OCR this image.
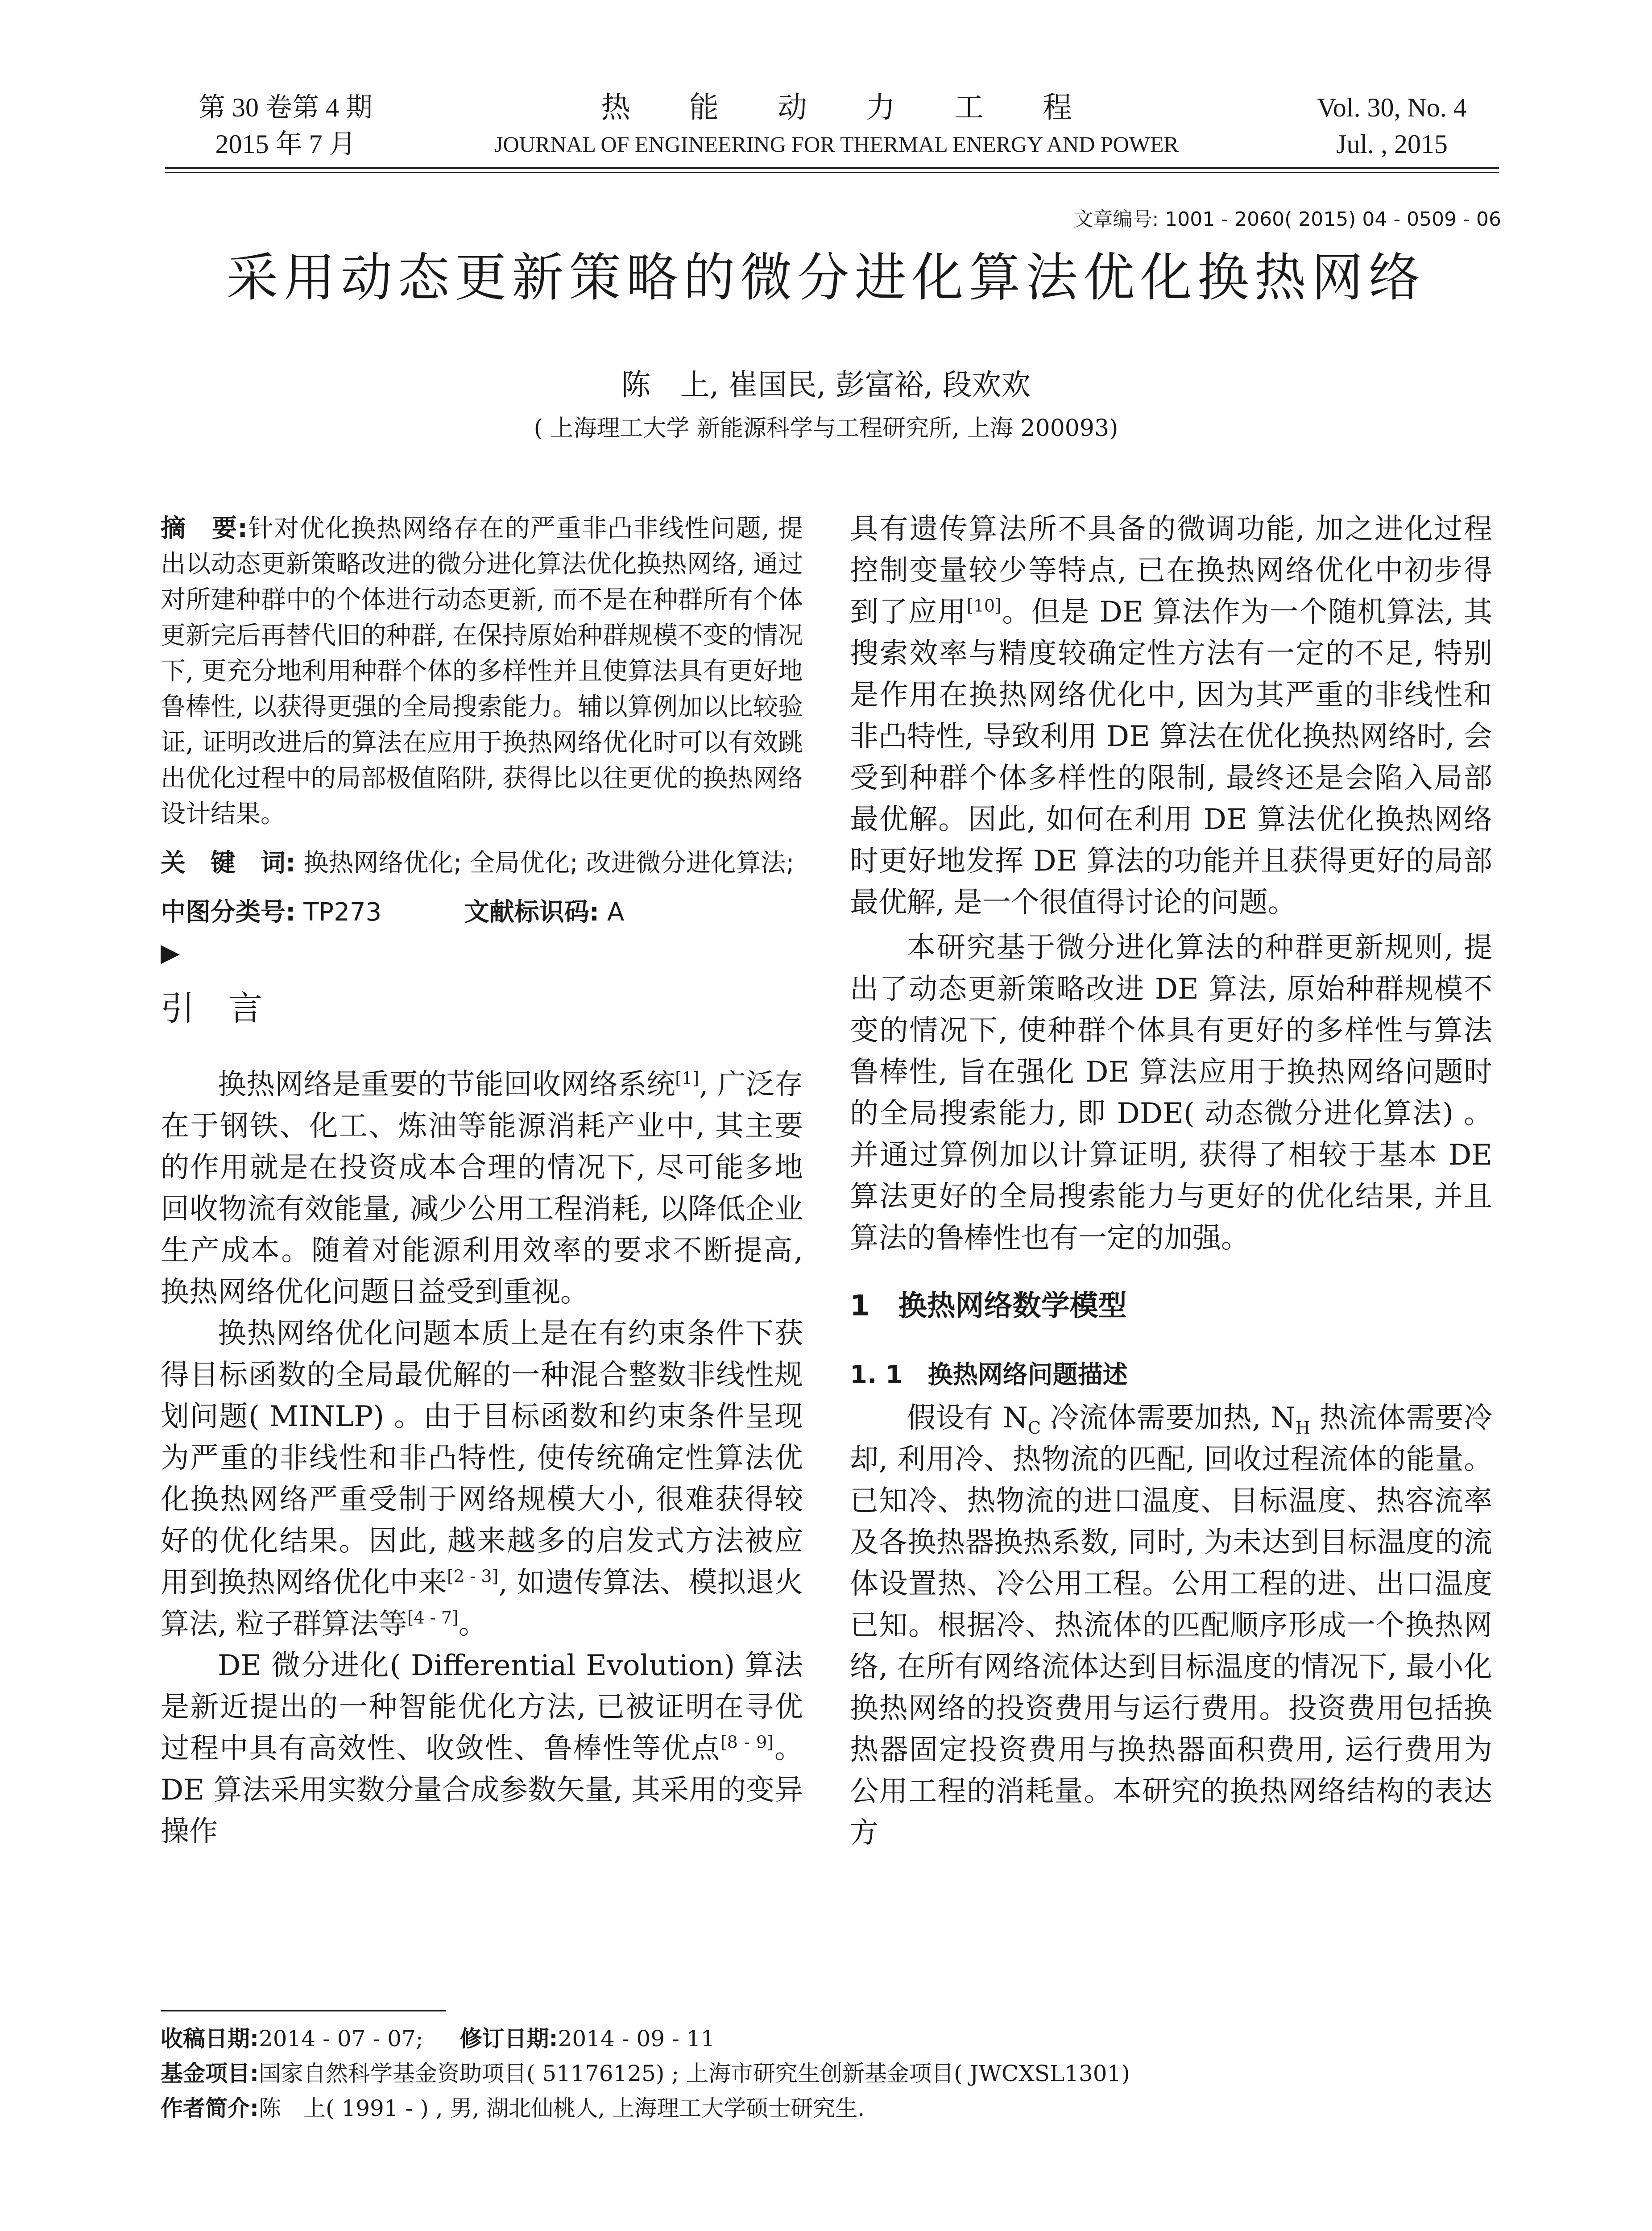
第 30 卷第 4 期
2015 年 7 月
热　　能　　动　　力　　工　　程
JOURNAL OF ENGINEERING FOR THERMAL ENERGY AND POWER
Vol. 30, No. 4
Jul. , 2015
文章编号: 1001 - 2060( 2015) 04 - 0509 - 06
采用动态更新策略的微分进化算法优化换热网络
陈　上, 崔国民, 彭富裕, 段欢欢
( 上海理工大学 新能源科学与工程研究所, 上海 200093)

摘　要:针对优化换热网络存在的严重非凸非线性问题, 提出以动态更新策略改进的微分进化算法优化换热网络, 通过对所建种群中的个体进行动态更新, 而不是在种群所有个体更新完后再替代旧的种群, 在保持原始种群规模不变的情况下, 更充分地利用种群个体的多样性并且使算法具有更好地鲁棒性, 以获得更强的全局搜索能力。辅以算例加以比较验证, 证明改进后的算法在应用于换热网络优化时可以有效跳出优化过程中的局部极值陷阱, 获得比以往更优的换热网络设计结果。

关　键　词: 换热网络优化; 全局优化; 改进微分进化算法;

中图分类号: TP273	文献标识码: A
▶
引　言

换热网络是重要的节能回收网络系统[1], 广泛存在于钢铁、化工、炼油等能源消耗产业中, 其主要的作用就是在投资成本合理的情况下, 尽可能多地回收物流有效能量, 减少公用工程消耗, 以降低企业生产成本。随着对能源利用效率的要求不断提高, 换热网络优化问题日益受到重视。

换热网络优化问题本质上是在有约束条件下获得目标函数的全局最优解的一种混合整数非线性规划问题( MINLP) 。由于目标函数和约束条件呈现为严重的非线性和非凸特性, 使传统确定性算法优化换热网络严重受制于网络规模大小, 很难获得较好的优化结果。因此, 越来越多的启发式方法被应用到换热网络优化中来[2 - 3], 如遗传算法、模拟退火算法, 粒子群算法等[4 - 7]。

DE 微分进化( Differential Evolution) 算法是新近提出的一种智能优化方法, 已被证明在寻优过程中具有高效性、收敛性、鲁棒性等优点[8 - 9]。DE 算法采用实数分量合成参数矢量, 其采用的变异操作

具有遗传算法所不具备的微调功能, 加之进化过程控制变量较少等特点, 已在换热网络优化中初步得到了应用[10]。但是 DE 算法作为一个随机算法, 其搜索效率与精度较确定性方法有一定的不足, 特别是作用在换热网络优化中, 因为其严重的非线性和非凸特性, 导致利用 DE 算法在优化换热网络时, 会受到种群个体多样性的限制, 最终还是会陷入局部最优解。因此, 如何在利用 DE 算法优化换热网络时更好地发挥 DE 算法的功能并且获得更好的局部最优解, 是一个很值得讨论的问题。

本研究基于微分进化算法的种群更新规则, 提出了动态更新策略改进 DE 算法, 原始种群规模不变的情况下, 使种群个体具有更好的多样性与算法鲁棒性, 旨在强化 DE 算法应用于换热网络问题时的全局搜索能力, 即 DDE( 动态微分进化算法) 。并通过算例加以计算证明, 获得了相较于基本 DE 算法更好的全局搜索能力与更好的优化结果, 并且算法的鲁棒性也有一定的加强。

1　换热网络数学模型
1. 1　换热网络问题描述

假设有 $N_C$ 冷流体需要加热, $N_H$ 热流体需要冷却, 利用冷、热物流的匹配, 回收过程流体的能量。已知冷、热物流的进口温度、目标温度、热容流率及各换热器换热系数, 同时, 为未达到目标温度的流体设置热、冷公用工程。公用工程的进、出口温度已知。根据冷、热流体的匹配顺序形成一个换热网络, 在所有网络流体达到目标温度的情况下, 最小化换热网络的投资费用与运行费用。投资费用包括换热器固定投资费用与换热器面积费用, 运行费用为公用工程的消耗量。本研究的换热网络结构的表达方

收稿日期:2014 - 07 - 07; 修订日期:2014 - 09 - 11
基金项目:国家自然科学基金资助项目( 51176125) ; 上海市研究生创新基金项目( JWCXSL1301)
作者简介:陈　上( 1991 - ) , 男, 湖北仙桃人, 上海理工大学硕士研究生.
